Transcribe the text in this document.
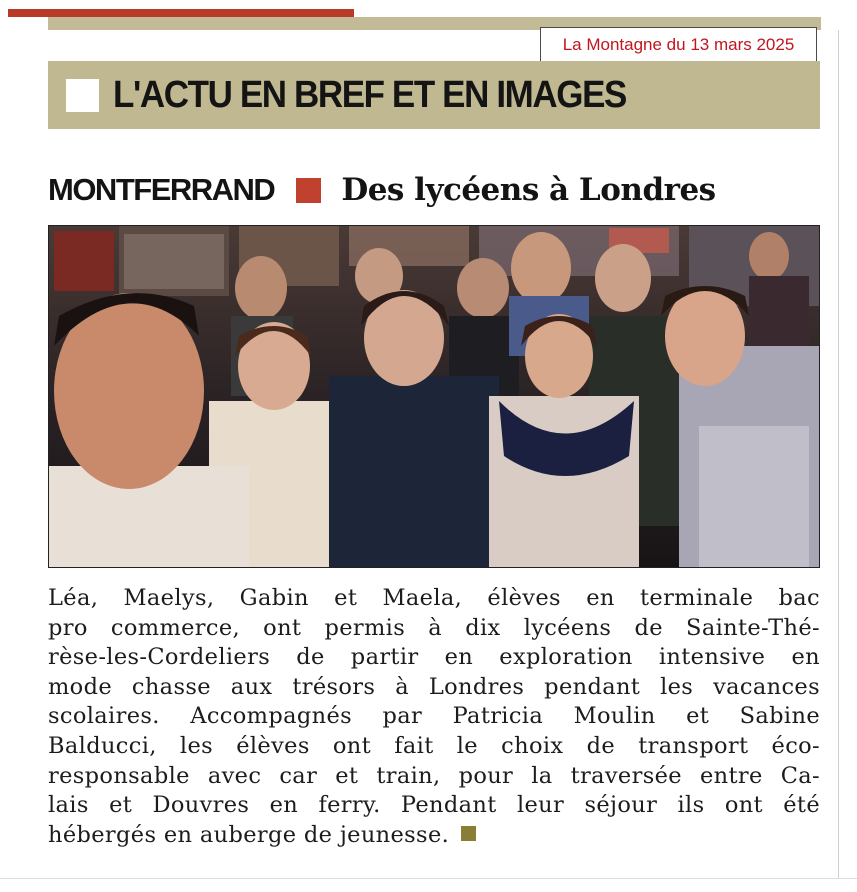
La Montagne du 13 mars 2025
L'ACTU EN BREF ET EN IMAGES
MONTFERRAND Des lycéens à Londres

Léa, Maelys, Gabin et Maela, élèves en terminale bac
pro commerce, ont permis à dix lycéens de Sainte-Thé-
rèse-les-Cordeliers de partir en exploration intensive en
mode chasse aux trésors à Londres pendant les vacances
scolaires. Accompagnés par Patricia Moulin et Sabine
Balducci, les élèves ont fait le choix de transport éco-
responsable avec car et train, pour la traversée entre Ca-
lais et Douvres en ferry. Pendant leur séjour ils ont été
hébergés en auberge de jeunesse.
